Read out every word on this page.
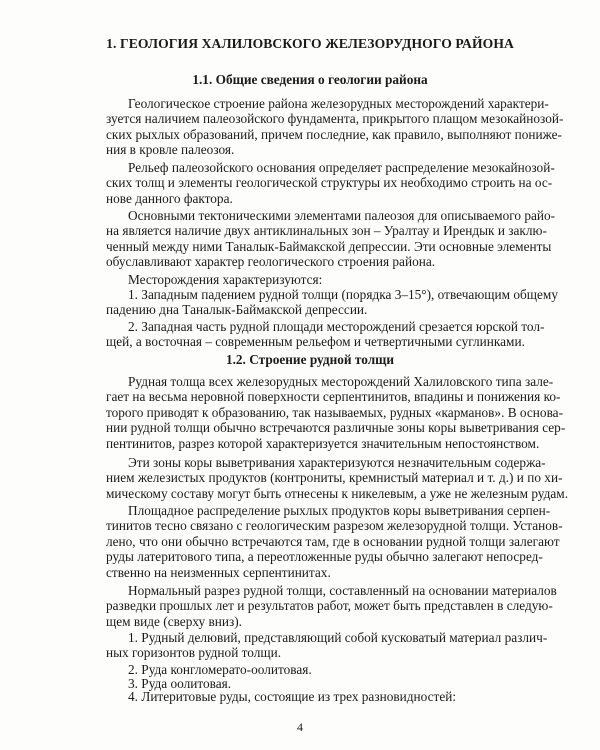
1. ГЕОЛОГИЯ ХАЛИЛОВСКОГО ЖЕЛЕЗОРУДНОГО РАЙОНА
1.1. Общие сведения о геологии района

Геологическое строение района железорудных месторождений характери-
зуется наличием палеозойского фундамента, прикрытого плащом мезокайнозой-
ских рыхлых образований, причем последние, как правило, выполняют пониже-
ния в кровле палеозоя.

Рельеф палеозойского основания определяет распределение мезокайнозой-
ских толщ и элементы геологической структуры их необходимо строить на ос-
нове данного фактора.

Основными тектоническими элементами палеозоя для описываемого райо-
на является наличие двух антиклинальных зон – Уралтау и Ирендык и заклю-
ченный между ними Таналык-Баймакской депрессии. Эти основные элементы
обуславливают характер геологического строения района.

Месторождения характеризуются:

1. Западным падением рудной толщи (порядка 3–15°), отвечающим общему
падению дна Таналык-Баймакской депрессии.

2. Западная часть рудной площади месторождений срезается юрской тол-
щей, а восточная – современным рельефом и четвертичными суглинками.

1.2. Строение рудной толщи

Рудная толща всех железорудных месторождений Халиловского типа зале-
гает на весьма неровной поверхности серпентинитов, впадины и понижения ко-
торого приводят к образованию, так называемых, рудных «карманов». В основа-
нии рудной толщи обычно встречаются различные зоны коры выветривания сер-
пентинитов, разрез которой характеризуется значительным непостоянством.

Эти зоны коры выветривания характеризуются незначительным содержа-
нием железистых продуктов (контрониты, кремнистый материал и т. д.) и по хи-
мическому составу могут быть отнесены к никелевым, а уже не железным рудам.

Площадное распределение рыхлых продуктов коры выветривания серпен-
тинитов тесно связано с геологическим разрезом железорудной толщи. Установ-
лено, что они обычно встречаются там, где в основании рудной толщи залегают
руды латеритового типа, а переотложенные руды обычно залегают непосред-
ственно на неизменных серпентинитах.

Нормальный разрез рудной толщи, составленный на основании материалов
разведки прошлых лет и результатов работ, может быть представлен в следую-
щем виде (сверху вниз).

1. Рудный делювий, представляющий собой кусковатый материал различ-
ных горизонтов рудной толщи.

2. Руда конгломерато-оолитовая.

4

3. Руда оолитовая.

4. Литеритовые руды, состоящие из трех разновидностей:
